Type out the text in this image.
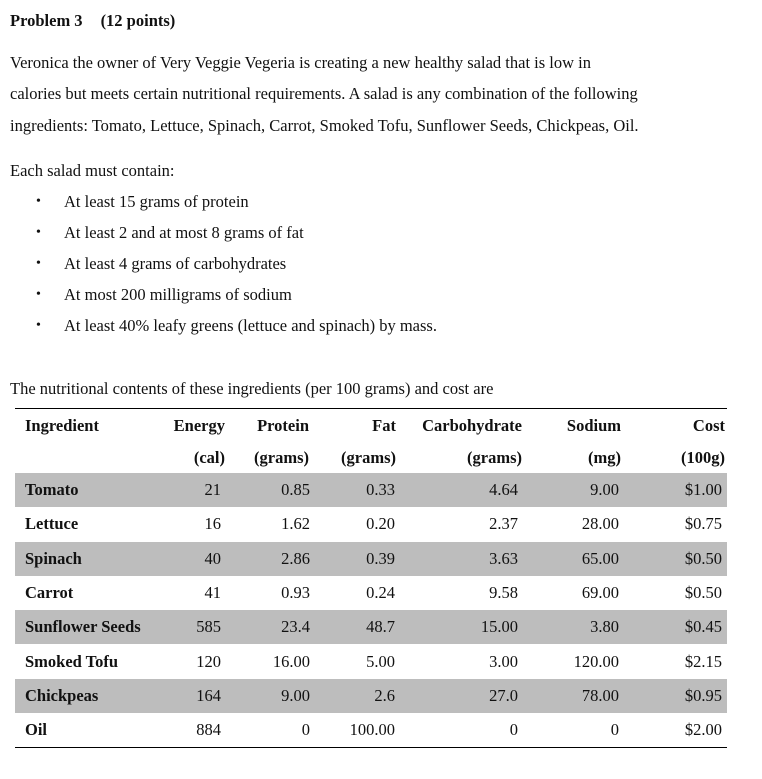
Problem 3 (12 points)
Veronica the owner of Very Veggie Vegeria is creating a new healthy salad that is low in
calories but meets certain nutritional requirements. A salad is any combination of the following
ingredients: Tomato, Lettuce, Spinach, Carrot, Smoked Tofu, Sunflower Seeds, Chickpeas, Oil.
Each salad must contain:
• At least 15 grams of protein
• At least 2 and at most 8 grams of fat
• At least 4 grams of carbohydrates
• At most 200 milligrams of sodium
• At least 40% leafy greens (lettuce and spinach) by mass.
The nutritional contents of these ingredients (per 100 grams) and cost are
Ingredient	Energy	Protein	Fat	Carbohydrate	Sodium	Cost
	(cal)	(grams)	(grams)	(grams)	(mg)	(100g)
Tomato	21	0.85	0.33	4.64	9.00	$1.00
Lettuce	16	1.62	0.20	2.37	28.00	$0.75
Spinach	40	2.86	0.39	3.63	65.00	$0.50
Carrot	41	0.93	0.24	9.58	69.00	$0.50
Sunflower Seeds	585	23.4	48.7	15.00	3.80	$0.45
Smoked Tofu	120	16.00	5.00	3.00	120.00	$2.15
Chickpeas	164	9.00	2.6	27.0	78.00	$0.95
Oil	884	0	100.00	0	0	$2.00
